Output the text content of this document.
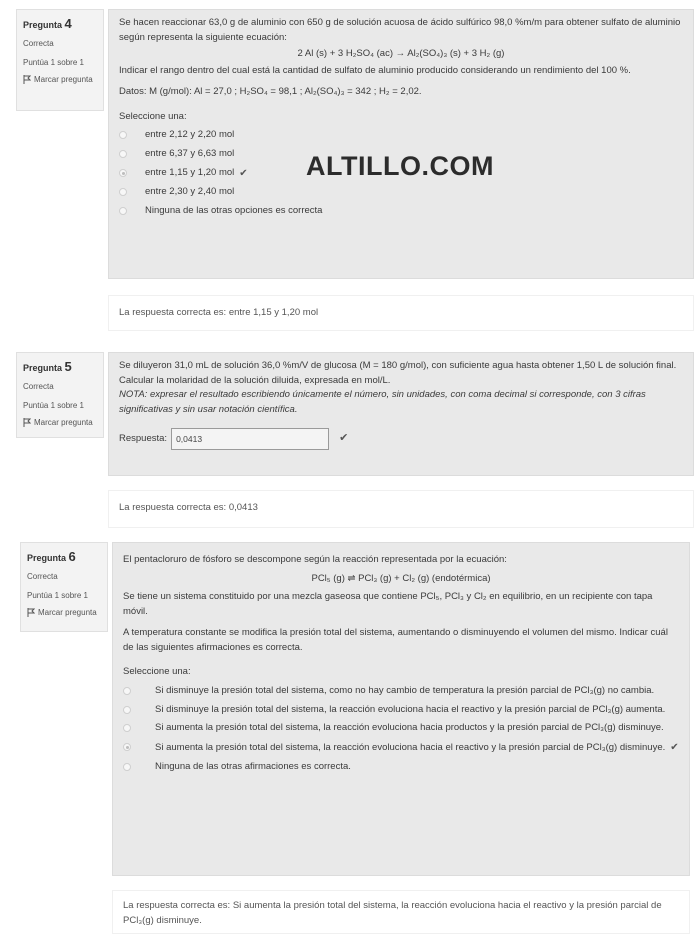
Pregunta 4
Correcta
Puntúa 1 sobre 1
Marcar pregunta

Se hacen reaccionar 63,0 g de aluminio con 650 g de solución acuosa de ácido sulfúrico 98,0 %m/m para obtener sulfato de aluminio según representa la siguiente ecuación:

2 Al (s) + 3 H₂SO₄ (ac) → Al₂(SO₄)₃ (s) + 3 H₂ (g)

Indicar el rango dentro del cual está la cantidad de sulfato de aluminio producido considerando un rendimiento del 100 %.

Datos: M (g/mol): Al = 27,0 ; H₂SO₄ = 98,1 ; Al₂(SO₄)₃ = 342 ; H₂ = 2,02.

Seleccione una:

entre 2,12 y 2,20 mol
entre 6,37 y 6,63 mol
entre 1,15 y 1,20 mol ✔
entre 2,30 y 2,40 mol
Ninguna de las otras opciones es correcta
ALTILLO.COM
La respuesta correcta es: entre 1,15 y 1,20 mol
Pregunta 5
Correcta
Puntúa 1 sobre 1
Marcar pregunta

Se diluyeron 31,0 mL de solución 36,0 %m/V de glucosa (M = 180 g/mol), con suficiente agua hasta obtener 1,50 L de solución final. Calcular la molaridad de la solución diluida, expresada en mol/L.

NOTA: expresar el resultado escribiendo únicamente el número, sin unidades, con coma decimal si corresponde, con 3 cifras significativas y sin usar notación científica.

Respuesta:	0,0413	✔
La respuesta correcta es: 0,0413
Pregunta 6
Correcta
Puntúa 1 sobre 1
Marcar pregunta

El pentacloruro de fósforo se descompone según la reacción representada por la ecuación:

PCl₅ (g) ⇌ PCl₃ (g) + Cl₂ (g) (endotérmica)

Se tiene un sistema constituido por una mezcla gaseosa que contiene PCl₅, PCl₃ y Cl₂ en equilibrio, en un recipiente con tapa móvil.

A temperatura constante se modifica la presión total del sistema, aumentando o disminuyendo el volumen del mismo. Indicar cuál de las siguientes afirmaciones es correcta.

Seleccione una:

Si disminuye la presión total del sistema, como no hay cambio de temperatura la presión parcial de PCl₃(g) no cambia.
Si disminuye la presión total del sistema, la reacción evoluciona hacia el reactivo y la presión parcial de PCl₃(g) aumenta.
Si aumenta la presión total del sistema, la reacción evoluciona hacia productos y la presión parcial de PCl₃(g) disminuye.
Si aumenta la presión total del sistema, la reacción evoluciona hacia el reactivo y la presión parcial de PCl₃(g) disminuye. ✔
Ninguna de las otras afirmaciones es correcta.
La respuesta correcta es: Si aumenta la presión total del sistema, la reacción evoluciona hacia el reactivo y la presión parcial de PCl₃(g) disminuye.
